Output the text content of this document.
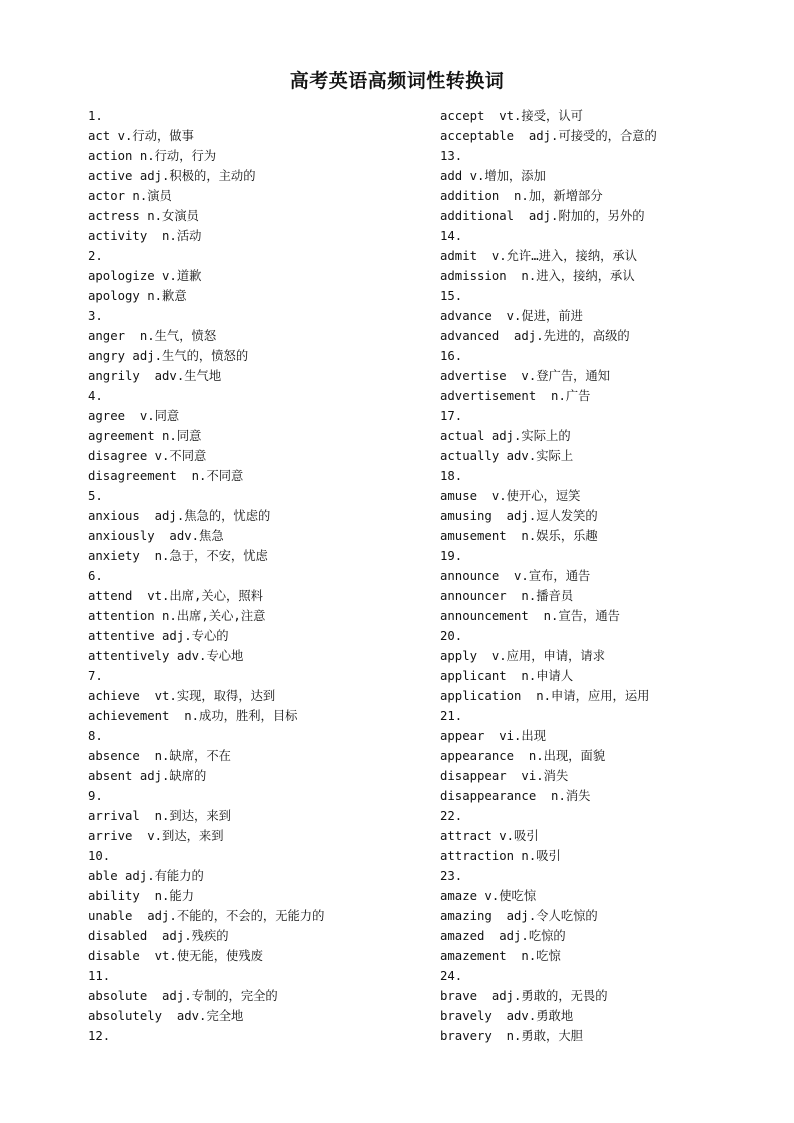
高考英语高频词性转换词
1.
act v.行动，做事
action n.行动，行为
active adj.积极的，主动的
actor n.演员
actress n.女演员
activity  n.活动
2.
apologize v.道歉
apology n.歉意
3.
anger  n.生气，愤怒
angry adj.生气的，愤怒的
angrily  adv.生气地
4.
agree  v.同意
agreement n.同意
disagree v.不同意
disagreement  n.不同意
5.
anxious  adj.焦急的，忧虑的
anxiously  adv.焦急
anxiety  n.急于，不安，忧虑
6.
attend  vt.出席,关心，照料
attention n.出席,关心,注意
attentive adj.专心的
attentively adv.专心地
7.
achieve  vt.实现，取得，达到
achievement  n.成功，胜利，目标
8.
absence  n.缺席，不在
absent adj.缺席的
9.
arrival  n.到达，来到
arrive  v.到达，来到
10.
able adj.有能力的
ability  n.能力
unable  adj.不能的，不会的，无能力的
disabled  adj.残疾的
disable  vt.使无能，使残废
11.
absolute  adj.专制的，完全的
absolutely  adv.完全地
12.
accept  vt.接受，认可
acceptable  adj.可接受的，合意的
13.
add v.增加，添加
addition  n.加，新增部分
additional  adj.附加的，另外的
14.
admit  v.允许…进入，接纳，承认
admission  n.进入，接纳，承认
15.
advance  v.促进，前进
advanced  adj.先进的，高级的
16.
advertise  v.登广告，通知
advertisement  n.广告
17.
actual adj.实际上的
actually adv.实际上
18.
amuse  v.使开心，逗笑
amusing  adj.逗人发笑的
amusement  n.娱乐，乐趣
19.
announce  v.宣布，通告
announcer  n.播音员
announcement  n.宣告，通告
20.
apply  v.应用，申请，请求
applicant  n.申请人
application  n.申请，应用，运用
21.
appear  vi.出现
appearance  n.出现，面貌
disappear  vi.消失
disappearance  n.消失
22.
attract v.吸引
attraction n.吸引
23.
amaze v.使吃惊
amazing  adj.令人吃惊的
amazed  adj.吃惊的
amazement  n.吃惊
24.
brave  adj.勇敢的，无畏的
bravely  adv.勇敢地
bravery  n.勇敢，大胆
